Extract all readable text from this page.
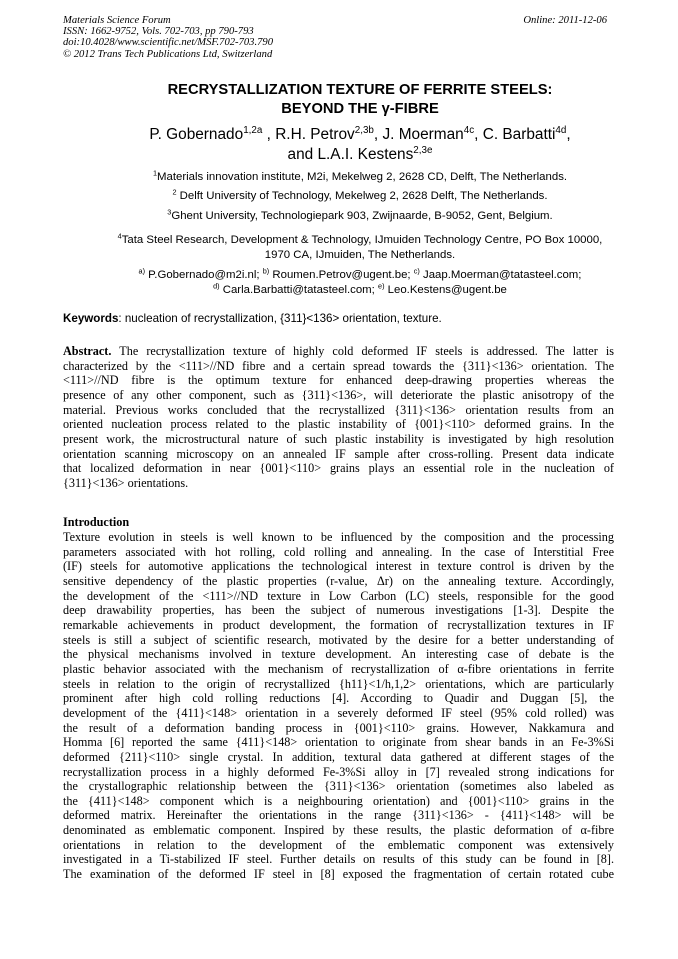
Materials Science Forum
ISSN: 1662-9752, Vols. 702-703, pp 790-793
doi:10.4028/www.scientific.net/MSF.702-703.790
© 2012 Trans Tech Publications Ltd, Switzerland
Online: 2011-12-06
RECRYSTALLIZATION TEXTURE OF FERRITE STEELS:
BEYOND THE γ-FIBRE
P. Gobernado$^{1,2a}$ , R.H. Petrov$^{2,3b}$, J. Moerman$^{4c}$, C. Barbatti$^{4d}$,
and L.A.I. Kestens$^{2,3e}$
$^1$Materials innovation institute, M2i, Mekelweg 2, 2628 CD, Delft, The Netherlands.
$^2$ Delft University of Technology, Mekelweg 2, 2628 Delft, The Netherlands.
$^3$Ghent University, Technologiepark 903, Zwijnaarde, B-9052, Gent, Belgium.
$^4$Tata Steel Research, Development & Technology, IJmuiden Technology Centre, PO Box 10000,
1970 CA, IJmuiden, The Netherlands.
$^{a)}$ P.Gobernado@m2i.nl; $^{b)}$ Roumen.Petrov@ugent.be; $^{c)}$ Jaap.Moerman@tatasteel.com;
$^{d)}$ Carla.Barbatti@tatasteel.com; $^{e)}$ Leo.Kestens@ugent.be
Keywords: nucleation of recrystallization, {311}<136> orientation, texture.
Abstract. The recrystallization texture of highly cold deformed IF steels is addressed. The latter is
characterized by the <111>//ND fibre and a certain spread towards the {311}<136> orientation. The
<111>//ND fibre is the optimum texture for enhanced deep-drawing properties whereas the
presence of any other component, such as {311}<136>, will deteriorate the plastic anisotropy of the
material. Previous works concluded that the recrystallized {311}<136> orientation results from an
oriented nucleation process related to the plastic instability of {001}<110> deformed grains. In the
present work, the microstructural nature of such plastic instability is investigated by high resolution
orientation scanning microscopy on an annealed IF sample after cross-rolling. Present data indicate
that localized deformation in near {001}<110> grains plays an essential role in the nucleation of
{311}<136> orientations.
Introduction
Texture evolution in steels is well known to be influenced by the composition and the processing
parameters associated with hot rolling, cold rolling and annealing. In the case of Interstitial Free
(IF) steels for automotive applications the technological interest in texture control is driven by the
sensitive dependency of the plastic properties (r-value, Δr) on the annealing texture. Accordingly,
the development of the <111>//ND texture in Low Carbon (LC) steels, responsible for the good
deep drawability properties, has been the subject of numerous investigations [1-3]. Despite the
remarkable achievements in product development, the formation of recrystallization textures in IF
steels is still a subject of scientific research, motivated by the desire for a better understanding of
the physical mechanisms involved in texture development. An interesting case of debate is the
plastic behavior associated with the mechanism of recrystallization of α-fibre orientations in ferrite
steels in relation to the origin of recrystallized {h11}<1/h,1,2> orientations, which are particularly
prominent after high cold rolling reductions [4]. According to Quadir and Duggan [5], the
development of the {411}<148> orientation in a severely deformed IF steel (95% cold rolled) was
the result of a deformation banding process in {001}<110> grains. However, Nakkamura and
Homma [6] reported the same {411}<148> orientation to originate from shear bands in an Fe-3%Si
deformed {211}<110> single crystal. In addition, textural data gathered at different stages of the
recrystallization process in a highly deformed Fe-3%Si alloy in [7] revealed strong indications for
the crystallographic relationship between the {311}<136> orientation (sometimes also labeled as
the {411}<148> component which is a neighbouring orientation) and {001}<110> grains in the
deformed matrix. Hereinafter the orientations in the range {311}<136> - {411}<148> will be
denominated as emblematic component. Inspired by these results, the plastic deformation of α-fibre
orientations in relation to the development of the emblematic component was extensively
investigated in a Ti-stabilized IF steel. Further details on results of this study can be found in [8].
The examination of the deformed IF steel in [8] exposed the fragmentation of certain rotated cube
